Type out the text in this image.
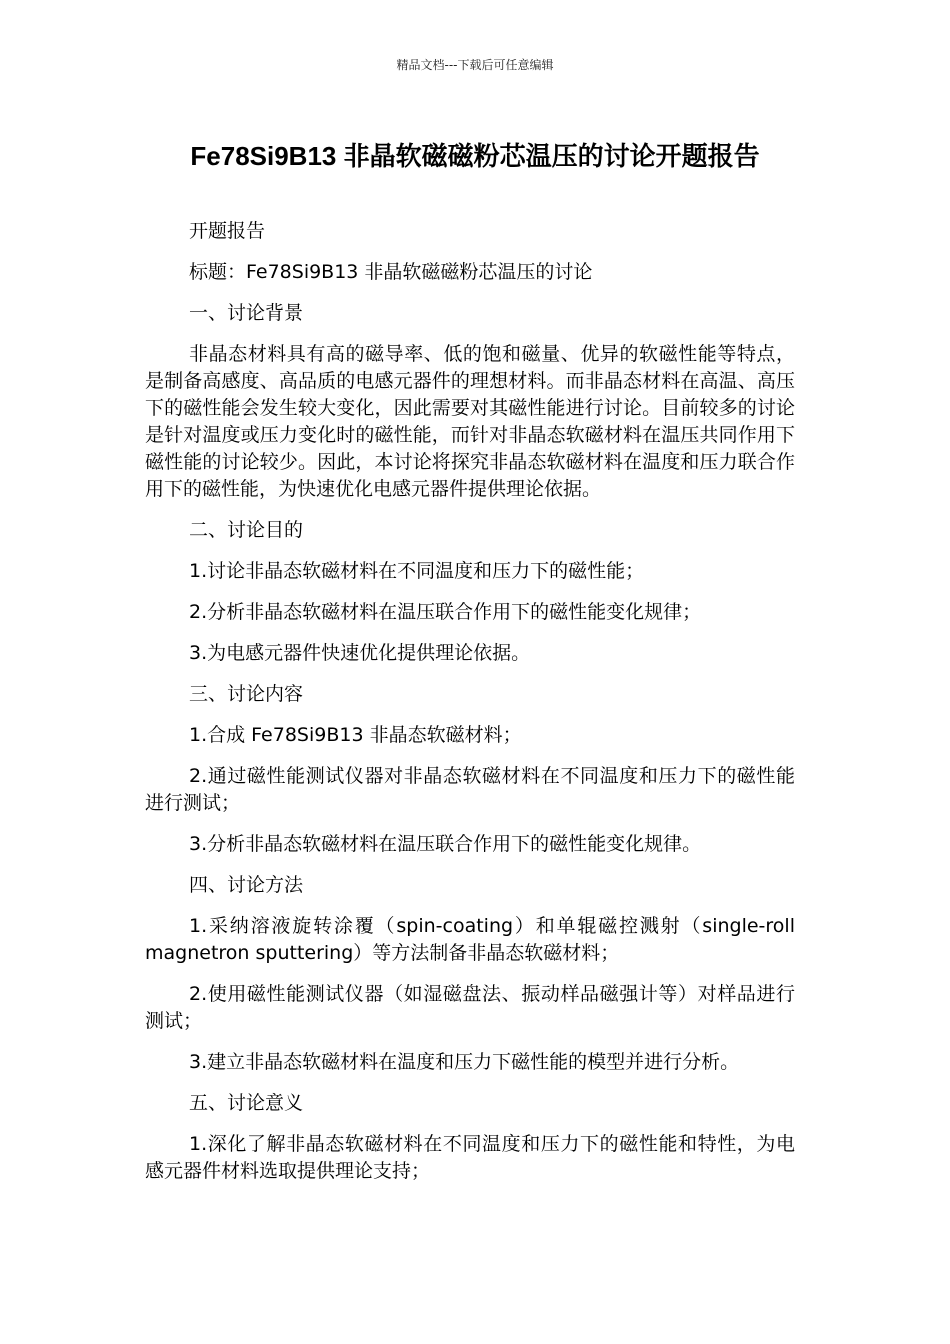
精品文档---下载后可任意编辑
Fe78Si9B13 非晶软磁磁粉芯温压的讨论开题报告

开题报告

标题：Fe78Si9B13 非晶软磁磁粉芯温压的讨论

一、讨论背景

非晶态材料具有高的磁导率、低的饱和磁量、优异的软磁性能等特点，是制备高感度、高品质的电感元器件的理想材料。而非晶态材料在高温、高压下的磁性能会发生较大变化，因此需要对其磁性能进行讨论。目前较多的讨论是针对温度或压力变化时的磁性能，而针对非晶态软磁材料在温压共同作用下磁性能的讨论较少。因此，本讨论将探究非晶态软磁材料在温度和压力联合作用下的磁性能，为快速优化电感元器件提供理论依据。

二、讨论目的

1.讨论非晶态软磁材料在不同温度和压力下的磁性能；

2.分析非晶态软磁材料在温压联合作用下的磁性能变化规律；

3.为电感元器件快速优化提供理论依据。

三、讨论内容

1.合成 Fe78Si9B13 非晶态软磁材料；

2.通过磁性能测试仪器对非晶态软磁材料在不同温度和压力下的磁性能进行测试；

3.分析非晶态软磁材料在温压联合作用下的磁性能变化规律。

四、讨论方法

1.采纳溶液旋转涂覆（spin-coating）和单辊磁控溅射（single-roll magnetron sputtering）等方法制备非晶态软磁材料；

2.使用磁性能测试仪器（如湿磁盘法、振动样品磁强计等）对样品进行测试；

3.建立非晶态软磁材料在温度和压力下磁性能的模型并进行分析。

五、讨论意义

1.深化了解非晶态软磁材料在不同温度和压力下的磁性能和特性，为电感元器件材料选取提供理论支持；
